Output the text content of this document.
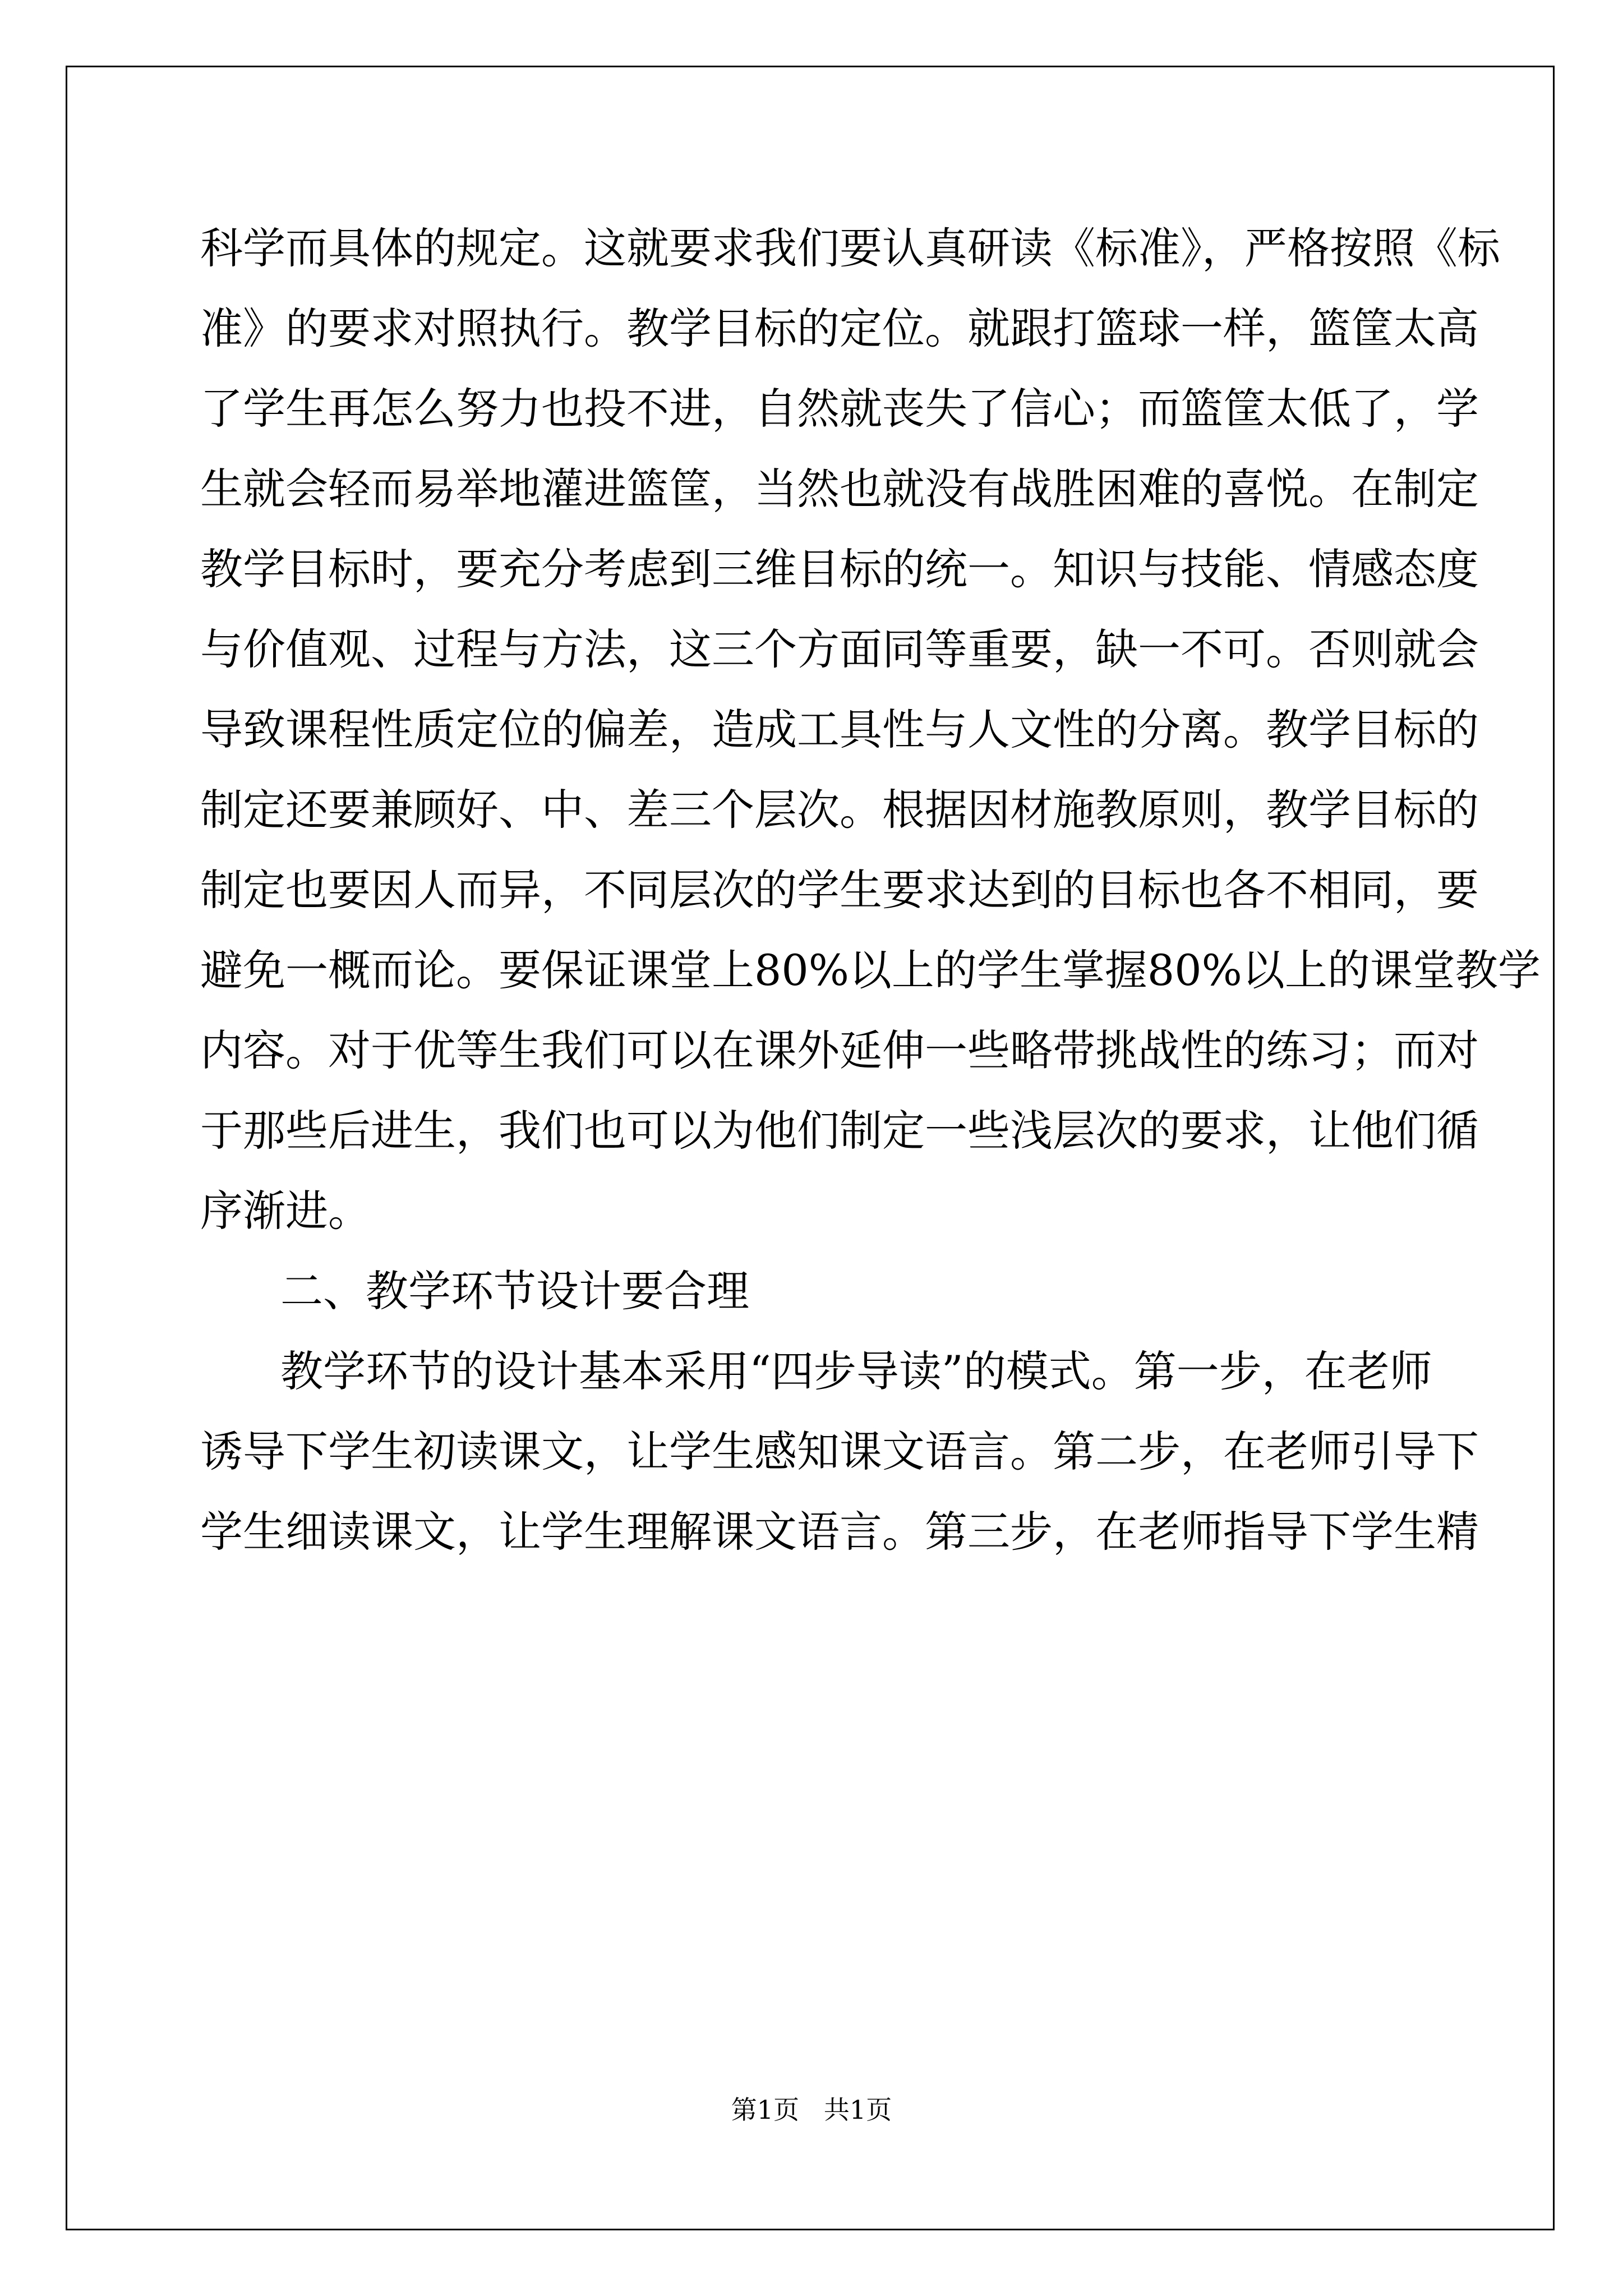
科学而具体的规定。这就要求我们要认真研读《标准》，严格按照《标

准》的要求对照执行。教学目标的定位。就跟打篮球一样，篮筐太高

了学生再怎么努力也投不进，自然就丧失了信心；而篮筐太低了，学

生就会轻而易举地灌进篮筐，当然也就没有战胜困难的喜悦。在制定

教学目标时，要充分考虑到三维目标的统一。知识与技能、情感态度

与价值观、过程与方法，这三个方面同等重要，缺一不可。否则就会

导致课程性质定位的偏差，造成工具性与人文性的分离。教学目标的

制定还要兼顾好、中、差三个层次。根据因材施教原则，教学目标的

制定也要因人而异，不同层次的学生要求达到的目标也各不相同，要

避免一概而论。要保证课堂上80%以上的学生掌握80%以上的课堂教学

内容。对于优等生我们可以在课外延伸一些略带挑战性的练习；而对

于那些后进生，我们也可以为他们制定一些浅层次的要求，让他们循

序渐进。

二、教学环节设计要合理

教学环节的设计基本采用“四步导读”的模式。第一步，在老师

诱导下学生初读课文，让学生感知课文语言。第二步，在老师引导下

学生细读课文，让学生理解课文语言。第三步，在老师指导下学生精

第1页   共1页
